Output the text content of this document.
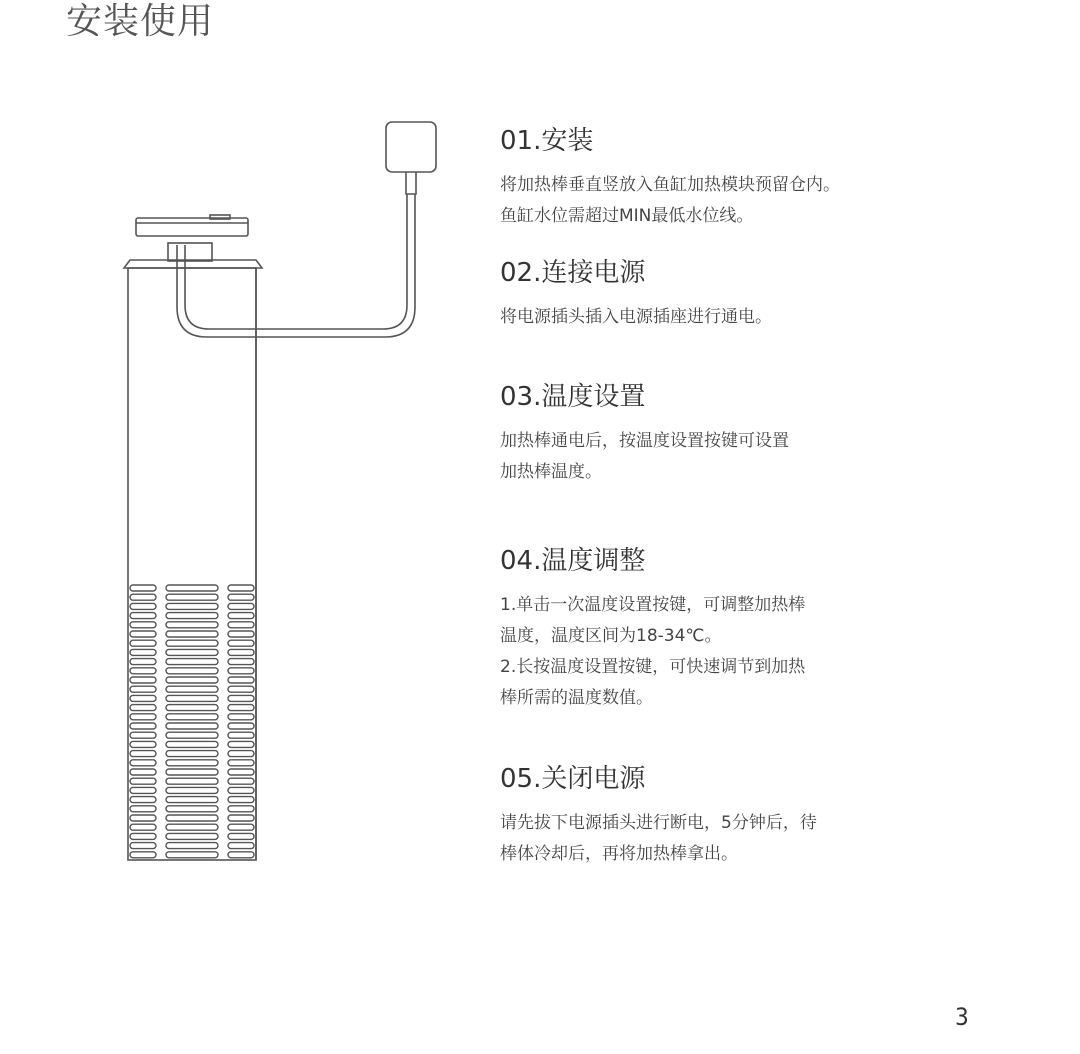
安装使用
01.安装

将加热棒垂直竖放入鱼缸加热模块预留仓内。
鱼缸水位需超过MIN最低水位线。

02.连接电源

将电源插头插入电源插座进行通电。

03.温度设置

加热棒通电后，按温度设置按键可设置
加热棒温度。

04.温度调整

1.单击一次温度设置按键，可调整加热棒
温度，温度区间为18-34℃。
2.长按温度设置按键，可快速调节到加热
棒所需的温度数值。

05.关闭电源

请先拔下电源插头进行断电，5分钟后，待
棒体冷却后，再将加热棒拿出。

3
